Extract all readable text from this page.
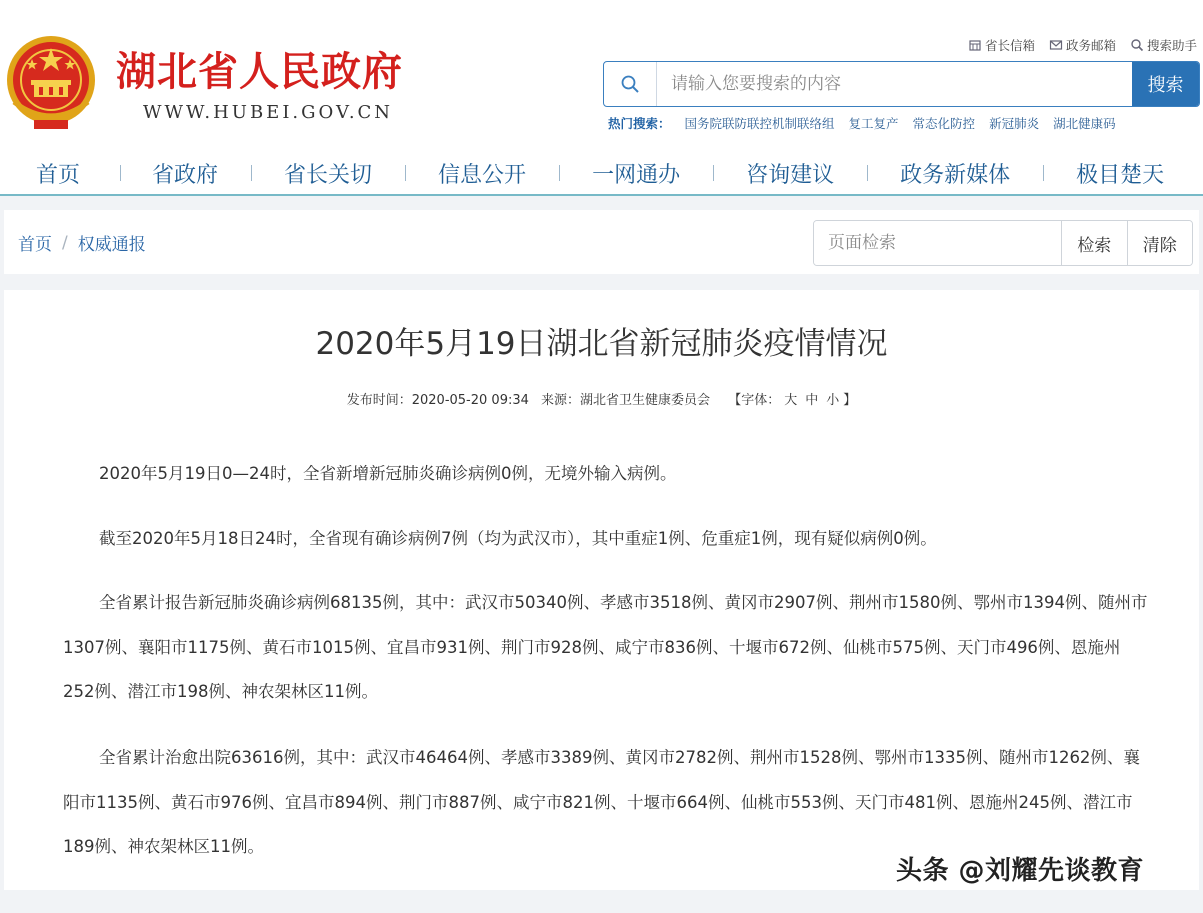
湖北省人民政府
WWW.HUBEI.GOV.CN
省长信箱 政务邮箱 搜索助手
请输入您要搜索的内容
搜索
热门搜索： 国务院联防联控机制联络组 复工复产 常态化防控 新冠肺炎 湖北健康码
首页	省政府	省长关切	信息公开	一网通办	咨询建议	政务新媒体	极目楚天
首页 / 权威通报
页面检索	检索	清除
2020年5月19日湖北省新冠肺炎疫情情况
发布时间：2020-05-20 09:34 来源：湖北省卫生健康委员会 【字体： 大 中 小 】

2020年5月19日0—24时，全省新增新冠肺炎确诊病例0例，无境外输入病例。

截至2020年5月18日24时，全省现有确诊病例7例（均为武汉市），其中重症1例、危重症1例，现有疑似病例0例。

全省累计报告新冠肺炎确诊病例68135例，其中：武汉市50340例、孝感市3518例、黄冈市2907例、荆州市1580例、鄂州市1394例、随州市1307例、襄阳市1175例、黄石市1015例、宜昌市931例、荆门市928例、咸宁市836例、十堰市672例、仙桃市575例、天门市496例、恩施州252例、潜江市198例、神农架林区11例。

全省累计治愈出院63616例，其中：武汉市46464例、孝感市3389例、黄冈市2782例、荆州市1528例、鄂州市1335例、随州市1262例、襄阳市1135例、黄石市976例、宜昌市894例、荆门市887例、咸宁市821例、十堰市664例、仙桃市553例、天门市481例、恩施州245例、潜江市189例、神农架林区11例。

头条 @刘耀先谈教育
